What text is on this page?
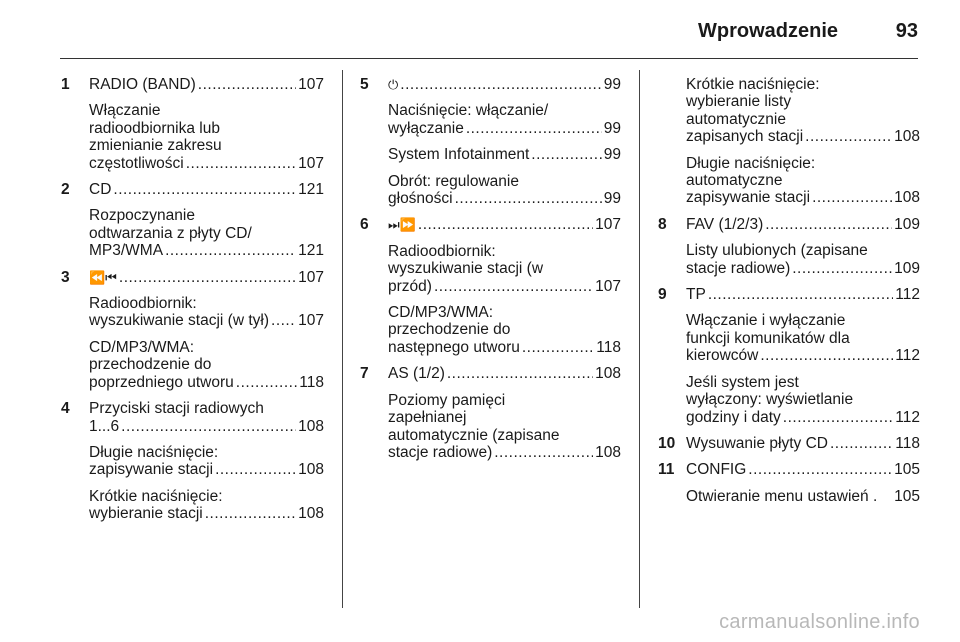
Wprowadzenie	93
1 RADIO (BAND) .....	107
Włączanie
radioodbiornika lub
zmienianie zakresu
częstotliwości .....	107
2 CD .....	121
Rozpoczynanie
odtwarzania z płyty CD/
MP3/WMA .....	121
3 ⏪⏮ .....	107
Radioodbiornik:
wyszukiwanie stacji (w tył) ..... 107
CD/MP3/WMA:
przechodzenie do
poprzedniego utworu .....	118
4 Przyciski stacji radiowych
1...6 .....	108
Długie naciśnięcie:
zapisywanie stacji .....	108
Krótkie naciśnięcie:
wybieranie stacji .....	108
5 ⏻ .....	99
Naciśnięcie: włączanie/
wyłączanie .....	99
System Infotainment .....	99
Obrót: regulowanie
głośności .....	99
6 ⏭⏩ .....	107
Radioodbiornik:
wyszukiwanie stacji (w
przód) .....	107
CD/MP3/WMA:
przechodzenie do
następnego utworu .....	118
7 AS (1/2) .....	108
Poziomy pamięci
zapełnianej
automatycznie (zapisane
stacje radiowe) .....	108
Krótkie naciśnięcie:
wybieranie listy
automatycznie
zapisanych stacji .....	108
Długie naciśnięcie:
automatyczne
zapisywanie stacji .....	108
8 FAV (1/2/3) .....	109
Listy ulubionych (zapisane
stacje radiowe) .....	109
9 TP .....	112
Włączanie i wyłączanie
funkcji komunikatów dla
kierowców .....	112
Jeśli system jest
wyłączony: wyświetlanie
godziny i daty .....	112
10 Wysuwanie płyty CD .....	118
11 CONFIG .....	105
Otwieranie menu ustawień . 105
carmanualsonline.info
